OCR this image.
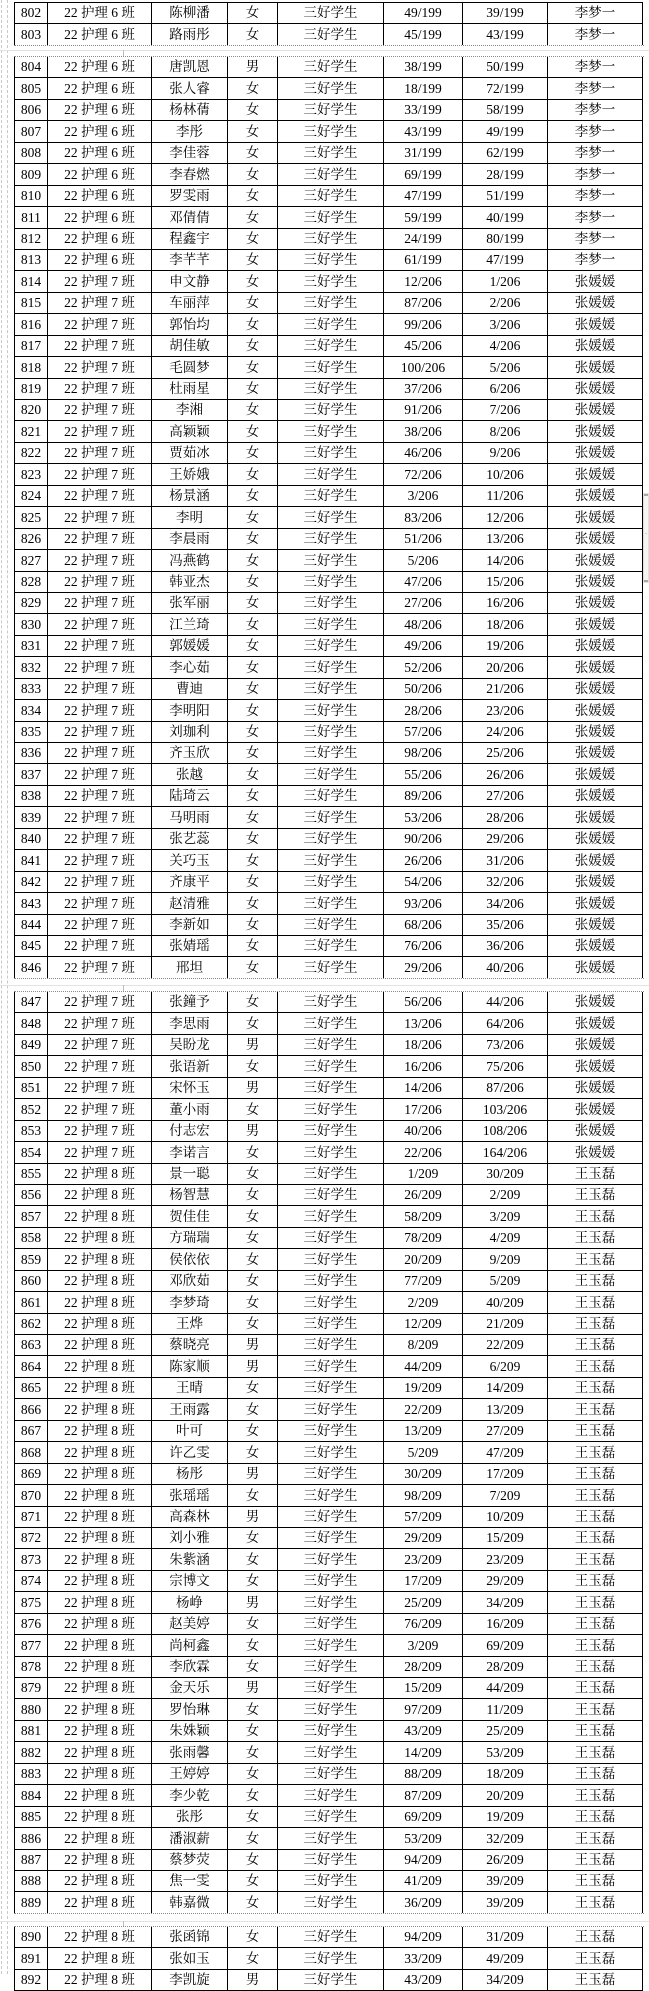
802	22 护理 6 班	陈柳潘	女	三好学生	49/199	39/199	李梦一
803	22 护理 6 班	路雨彤	女	三好学生	45/199	43/199	李梦一
804	22 护理 6 班	唐凯恩	男	三好学生	38/199	50/199	李梦一
805	22 护理 6 班	张人睿	女	三好学生	18/199	72/199	李梦一
806	22 护理 6 班	杨林蒨	女	三好学生	33/199	58/199	李梦一
807	22 护理 6 班	李彤	女	三好学生	43/199	49/199	李梦一
808	22 护理 6 班	李佳蓉	女	三好学生	31/199	62/199	李梦一
809	22 护理 6 班	李春燃	女	三好学生	69/199	28/199	李梦一
810	22 护理 6 班	罗雯雨	女	三好学生	47/199	51/199	李梦一
811	22 护理 6 班	邓倩倩	女	三好学生	59/199	40/199	李梦一
812	22 护理 6 班	程鑫宇	女	三好学生	24/199	80/199	李梦一
813	22 护理 6 班	李芊芊	女	三好学生	61/199	47/199	李梦一
814	22 护理 7 班	申文静	女	三好学生	12/206	1/206	张媛媛
815	22 护理 7 班	车丽萍	女	三好学生	87/206	2/206	张媛媛
816	22 护理 7 班	郭怡均	女	三好学生	99/206	3/206	张媛媛
817	22 护理 7 班	胡佳敏	女	三好学生	45/206	4/206	张媛媛
818	22 护理 7 班	毛圆梦	女	三好学生	100/206	5/206	张媛媛
819	22 护理 7 班	杜雨星	女	三好学生	37/206	6/206	张媛媛
820	22 护理 7 班	李湘	女	三好学生	91/206	7/206	张媛媛
821	22 护理 7 班	高颖颖	女	三好学生	38/206	8/206	张媛媛
822	22 护理 7 班	贾茹冰	女	三好学生	46/206	9/206	张媛媛
823	22 护理 7 班	王娇娥	女	三好学生	72/206	10/206	张媛媛
824	22 护理 7 班	杨景涵	女	三好学生	3/206	11/206	张媛媛
825	22 护理 7 班	李明	女	三好学生	83/206	12/206	张媛媛
826	22 护理 7 班	李晨雨	女	三好学生	51/206	13/206	张媛媛
827	22 护理 7 班	冯燕鹤	女	三好学生	5/206	14/206	张媛媛
828	22 护理 7 班	韩亚杰	女	三好学生	47/206	15/206	张媛媛
829	22 护理 7 班	张军丽	女	三好学生	27/206	16/206	张媛媛
830	22 护理 7 班	江兰琦	女	三好学生	48/206	18/206	张媛媛
831	22 护理 7 班	郭媛媛	女	三好学生	49/206	19/206	张媛媛
832	22 护理 7 班	李心茹	女	三好学生	52/206	20/206	张媛媛
833	22 护理 7 班	曹迪	女	三好学生	50/206	21/206	张媛媛
834	22 护理 7 班	李明阳	女	三好学生	28/206	23/206	张媛媛
835	22 护理 7 班	刘珈利	女	三好学生	57/206	24/206	张媛媛
836	22 护理 7 班	齐玉欣	女	三好学生	98/206	25/206	张媛媛
837	22 护理 7 班	张越	女	三好学生	55/206	26/206	张媛媛
838	22 护理 7 班	陆琦云	女	三好学生	89/206	27/206	张媛媛
839	22 护理 7 班	马明雨	女	三好学生	53/206	28/206	张媛媛
840	22 护理 7 班	张艺蕊	女	三好学生	90/206	29/206	张媛媛
841	22 护理 7 班	关巧玉	女	三好学生	26/206	31/206	张媛媛
842	22 护理 7 班	齐康平	女	三好学生	54/206	32/206	张媛媛
843	22 护理 7 班	赵清雅	女	三好学生	93/206	34/206	张媛媛
844	22 护理 7 班	李新如	女	三好学生	68/206	35/206	张媛媛
845	22 护理 7 班	张婧瑶	女	三好学生	76/206	36/206	张媛媛
846	22 护理 7 班	邢坦	女	三好学生	29/206	40/206	张媛媛
847	22 护理 7 班	张鐘予	女	三好学生	56/206	44/206	张媛媛
848	22 护理 7 班	李思雨	女	三好学生	13/206	64/206	张媛媛
849	22 护理 7 班	吴盼龙	男	三好学生	18/206	73/206	张媛媛
850	22 护理 7 班	张语新	女	三好学生	16/206	75/206	张媛媛
851	22 护理 7 班	宋怀玉	男	三好学生	14/206	87/206	张媛媛
852	22 护理 7 班	董小雨	女	三好学生	17/206	103/206	张媛媛
853	22 护理 7 班	付志宏	男	三好学生	40/206	108/206	张媛媛
854	22 护理 7 班	李诺言	女	三好学生	22/206	164/206	张媛媛
855	22 护理 8 班	景一聪	女	三好学生	1/209	30/209	王玉磊
856	22 护理 8 班	杨智慧	女	三好学生	26/209	2/209	王玉磊
857	22 护理 8 班	贺佳佳	女	三好学生	58/209	3/209	王玉磊
858	22 护理 8 班	方瑞瑞	女	三好学生	78/209	4/209	王玉磊
859	22 护理 8 班	侯依依	女	三好学生	20/209	9/209	王玉磊
860	22 护理 8 班	邓欣茹	女	三好学生	77/209	5/209	王玉磊
861	22 护理 8 班	李梦琦	女	三好学生	2/209	40/209	王玉磊
862	22 护理 8 班	王烨	女	三好学生	12/209	21/209	王玉磊
863	22 护理 8 班	蔡晓亮	男	三好学生	8/209	22/209	王玉磊
864	22 护理 8 班	陈家顺	男	三好学生	44/209	6/209	王玉磊
865	22 护理 8 班	王晴	女	三好学生	19/209	14/209	王玉磊
866	22 护理 8 班	王雨露	女	三好学生	22/209	13/209	王玉磊
867	22 护理 8 班	叶可	女	三好学生	13/209	27/209	王玉磊
868	22 护理 8 班	许乙雯	女	三好学生	5/209	47/209	王玉磊
869	22 护理 8 班	杨彤	男	三好学生	30/209	17/209	王玉磊
870	22 护理 8 班	张瑶瑶	女	三好学生	98/209	7/209	王玉磊
871	22 护理 8 班	高森林	男	三好学生	57/209	10/209	王玉磊
872	22 护理 8 班	刘小雅	女	三好学生	29/209	15/209	王玉磊
873	22 护理 8 班	朱紫涵	女	三好学生	23/209	23/209	王玉磊
874	22 护理 8 班	宗博文	女	三好学生	17/209	29/209	王玉磊
875	22 护理 8 班	杨峥	男	三好学生	25/209	34/209	王玉磊
876	22 护理 8 班	赵美婷	女	三好学生	76/209	16/209	王玉磊
877	22 护理 8 班	尚柯鑫	女	三好学生	3/209	69/209	王玉磊
878	22 护理 8 班	李欣霖	女	三好学生	28/209	28/209	王玉磊
879	22 护理 8 班	金天乐	男	三好学生	15/209	44/209	王玉磊
880	22 护理 8 班	罗怡琳	女	三好学生	97/209	11/209	王玉磊
881	22 护理 8 班	朱姝颖	女	三好学生	43/209	25/209	王玉磊
882	22 护理 8 班	张雨馨	女	三好学生	14/209	53/209	王玉磊
883	22 护理 8 班	王婷婷	女	三好学生	88/209	18/209	王玉磊
884	22 护理 8 班	李少乾	女	三好学生	87/209	20/209	王玉磊
885	22 护理 8 班	张彤	女	三好学生	69/209	19/209	王玉磊
886	22 护理 8 班	潘淑薪	女	三好学生	53/209	32/209	王玉磊
887	22 护理 8 班	蔡梦荧	女	三好学生	94/209	26/209	王玉磊
888	22 护理 8 班	焦一雯	女	三好学生	41/209	39/209	王玉磊
889	22 护理 8 班	韩嘉微	女	三好学生	36/209	39/209	王玉磊
890	22 护理 8 班	张函锦	女	三好学生	94/209	31/209	王玉磊
891	22 护理 8 班	张如玉	女	三好学生	33/209	49/209	王玉磊
892	22 护理 8 班	李凯旋	男	三好学生	43/209	34/209	王玉磊
